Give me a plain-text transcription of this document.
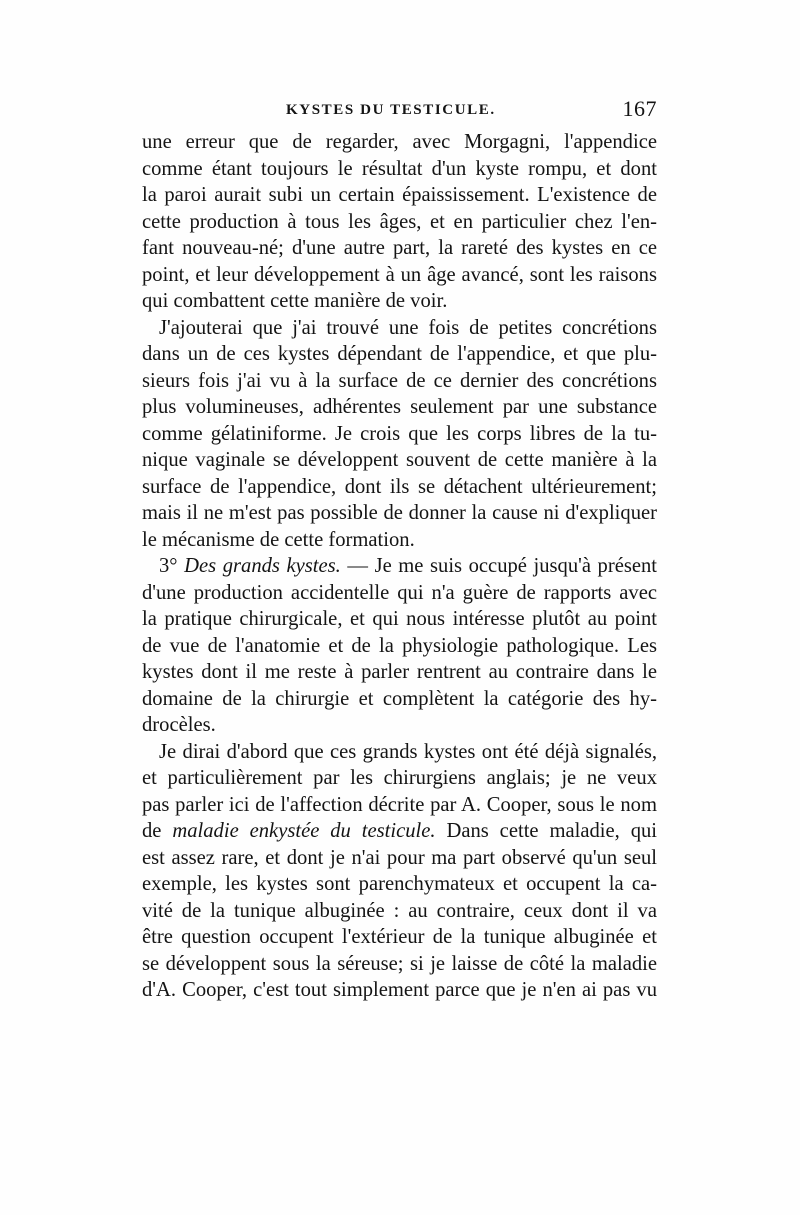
KYSTES DU TESTICULE.	167
une erreur que de regarder, avec Morgagni, l'appendice
comme étant toujours le résultat d'un kyste rompu, et dont
la paroi aurait subi un certain épaississement. L'existence de
cette production à tous les âges, et en particulier chez l'en-
fant nouveau-né; d'une autre part, la rareté des kystes en ce
point, et leur développement à un âge avancé, sont les raisons
qui combattent cette manière de voir.
J'ajouterai que j'ai trouvé une fois de petites concrétions
dans un de ces kystes dépendant de l'appendice, et que plu-
sieurs fois j'ai vu à la surface de ce dernier des concrétions
plus volumineuses, adhérentes seulement par une substance
comme gélatiniforme. Je crois que les corps libres de la tu-
nique vaginale se développent souvent de cette manière à la
surface de l'appendice, dont ils se détachent ultérieurement;
mais il ne m'est pas possible de donner la cause ni d'expliquer
le mécanisme de cette formation.
3° Des grands kystes. — Je me suis occupé jusqu'à présent
d'une production accidentelle qui n'a guère de rapports avec
la pratique chirurgicale, et qui nous intéresse plutôt au point
de vue de l'anatomie et de la physiologie pathologique. Les
kystes dont il me reste à parler rentrent au contraire dans le
domaine de la chirurgie et complètent la catégorie des hy-
drocèles.
Je dirai d'abord que ces grands kystes ont été déjà signalés,
et particulièrement par les chirurgiens anglais; je ne veux
pas parler ici de l'affection décrite par A. Cooper, sous le nom
de maladie enkystée du testicule. Dans cette maladie, qui
est assez rare, et dont je n'ai pour ma part observé qu'un seul
exemple, les kystes sont parenchymateux et occupent la ca-
vité de la tunique albuginée : au contraire, ceux dont il va
être question occupent l'extérieur de la tunique albuginée et
se développent sous la séreuse; si je laisse de côté la maladie
d'A. Cooper, c'est tout simplement parce que je n'en ai pas vu
